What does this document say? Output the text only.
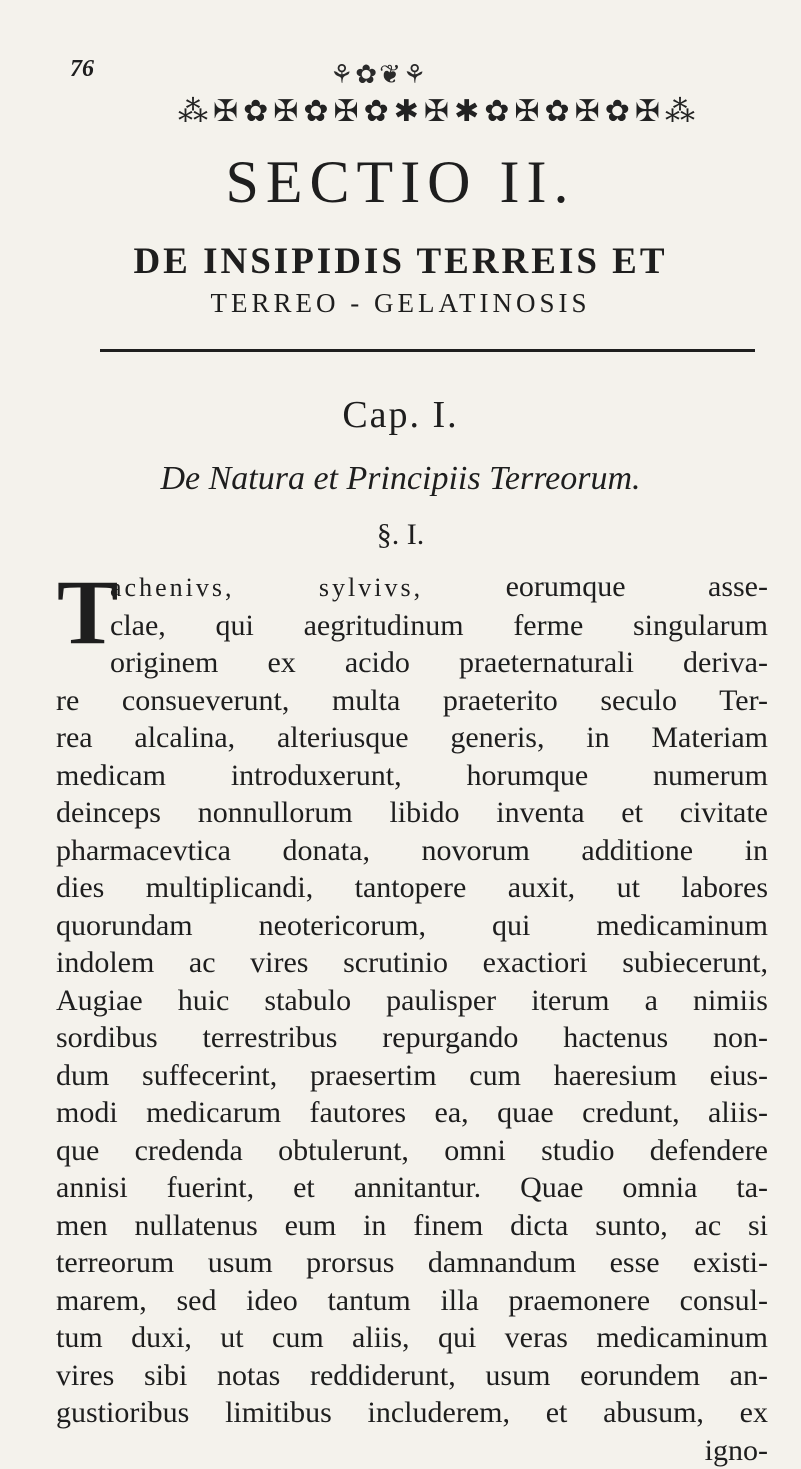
76	⚘✿❦⚘
⁂✠✿✠✿✠✿✱✠✱✿✠✿✠✿✠⁂
SECTIO II.
DE INSIPIDIS TERREIS ET
TERREO - GELATINOSIS
Cap. I.
De Natura et Principiis Terreorum.
§. I.
T
achenivs, sylvivs, eorumque asse-
clae, qui aegritudinum ferme singularum
originem ex acido praeternaturali deriva-
re consueverunt, multa praeterito seculo Ter-
rea alcalina, alteriusque generis, in Materiam
medicam introduxerunt, horumque numerum
deinceps nonnullorum libido inventa et civitate
pharmacevtica donata, novorum additione in
dies multiplicandi, tantopere auxit, ut labores
quorundam neotericorum, qui medicaminum
indolem ac vires scrutinio exactiori subiecerunt,
Augiae huic stabulo paulisper iterum a nimiis
sordibus terrestribus repurgando hactenus non-
dum suffecerint, praesertim cum haeresium eius-
modi medicarum fautores ea, quae credunt, aliis-
que credenda obtulerunt, omni studio defendere
annisi fuerint, et annitantur. Quae omnia ta-
men nullatenus eum in finem dicta sunto, ac si
terreorum usum prorsus damnandum esse existi-
marem, sed ideo tantum illa praemonere consul-
tum duxi, ut cum aliis, qui veras medicaminum
vires sibi notas reddiderunt, usum eorundem an-
gustioribus limitibus includerem, et abusum, ex
igno-
